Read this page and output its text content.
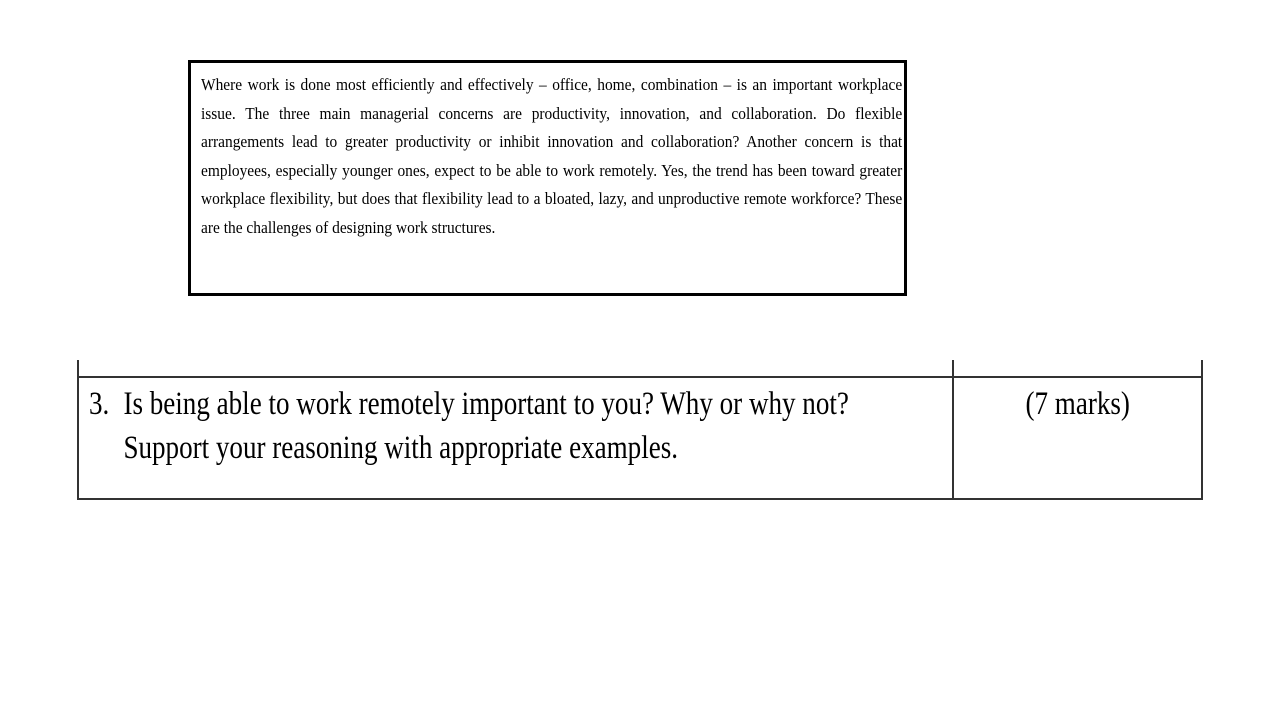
Where work is done most efficiently and effectively – office, home, combination – is an important workplace issue. The three main managerial concerns are productivity, innovation, and collaboration. Do flexible arrangements lead to greater productivity or inhibit innovation and collaboration? Another concern is that employees, especially younger ones, expect to be able to work remotely. Yes, the trend has been toward greater workplace flexibility, but does that flexibility lead to a bloated, lazy, and unproductive remote workforce? These are the challenges of designing work structures.

3. Is being able to work remotely important to you? Why or why not?
Support your reasoning with appropriate examples.
(7 marks)
